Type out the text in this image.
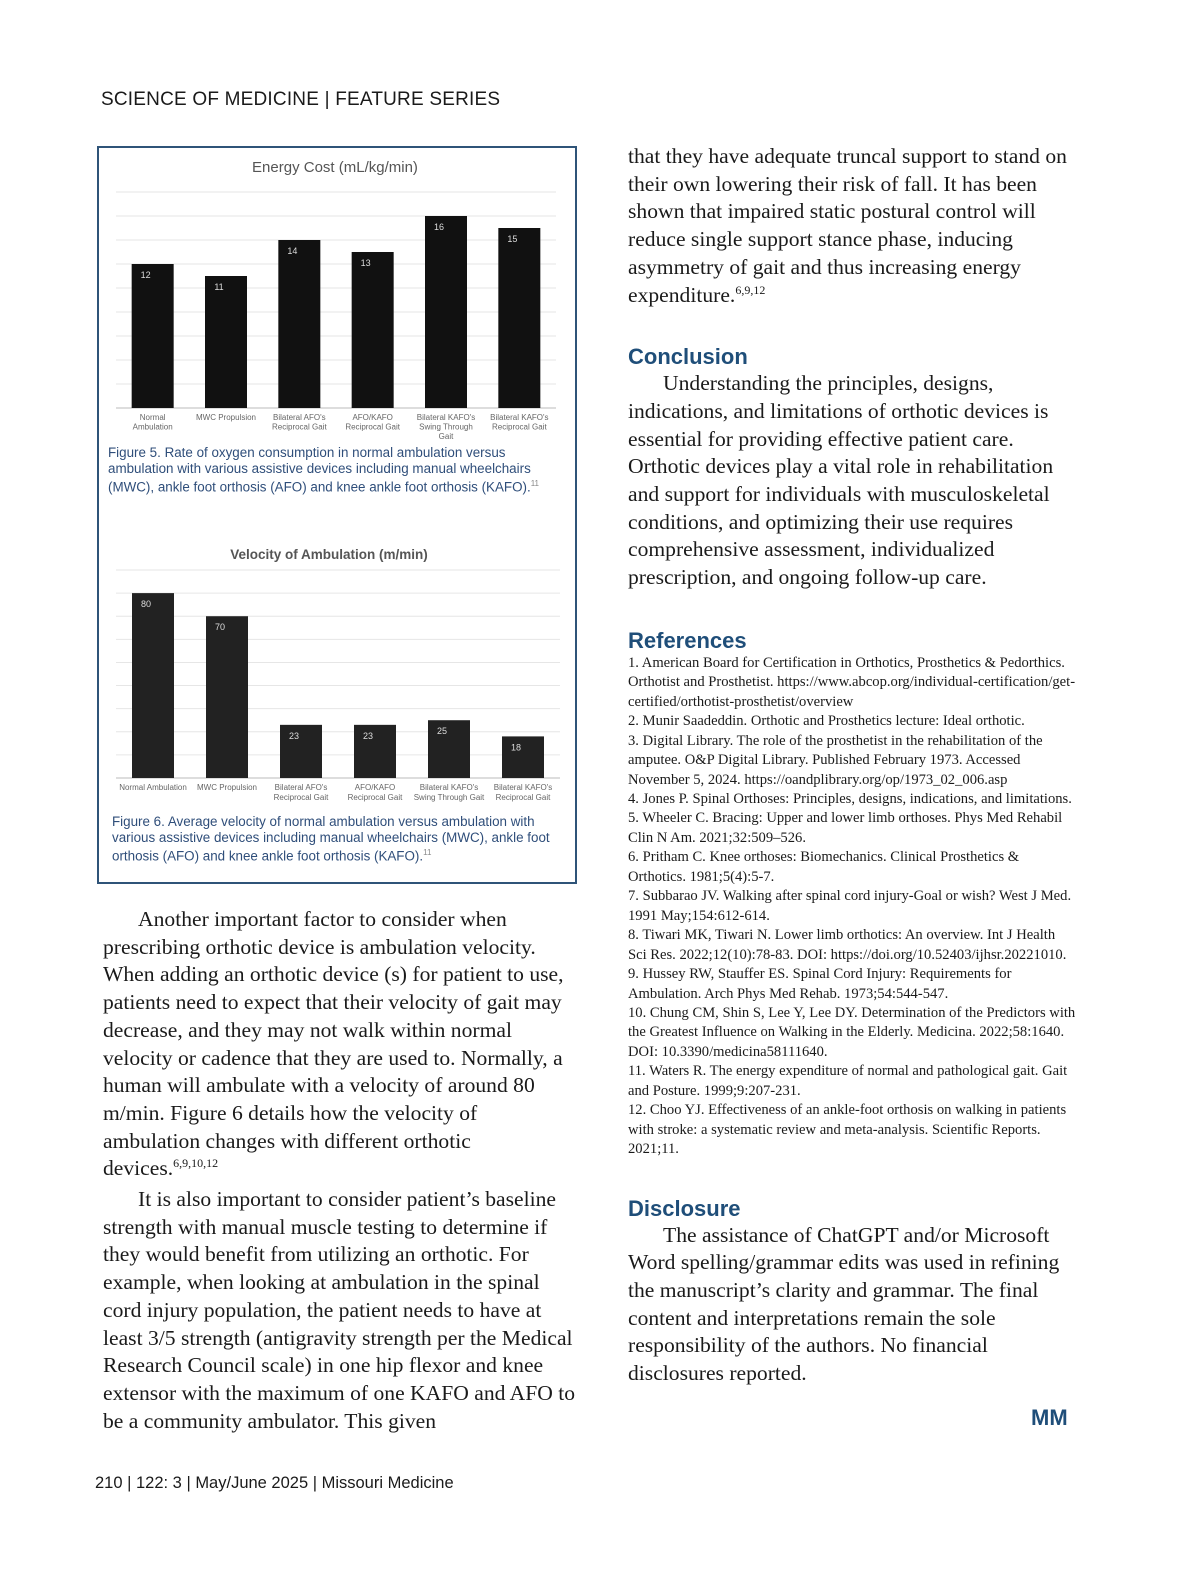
SCIENCE OF MEDICINE | FEATURE SERIES
Energy Cost (mL/kg/min)
12
Normal Ambulation
11
MWC Propulsion
14
Bilateral AFO's Reciprocal Gait
13
AFO/KAFO Reciprocal Gait
16
Bilateral KAFO's Swing Through Gait
15
Bilateral KAFO's Reciprocal Gait
Figure 5. Rate of oxygen consumption in normal ambulation versus ambulation with various assistive devices including manual wheelchairs (MWC), ankle foot orthosis (AFO) and knee ankle foot orthosis (KAFO).$^{11}$
Velocity of Ambulation (m/min)
80
Normal Ambulation
70
MWC Propulsion
23
Bilateral AFO's Reciprocal Gait
23
AFO/KAFO Reciprocal Gait
25
Bilateral KAFO's Swing Through Gait
18
Bilateral KAFO's Reciprocal Gait
Figure 6. Average velocity of normal ambulation versus ambulation with various assistive devices including manual wheelchairs (MWC), ankle foot orthosis (AFO) and knee ankle foot orthosis (KAFO).$^{11}$

Another important factor to consider when prescribing orthotic device is ambulation velocity. When adding an orthotic device (s) for patient to use, patients need to expect that their velocity of gait may decrease, and they may not walk within normal velocity or cadence that they are used to. Normally, a human will ambulate with a velocity of around 80 m/min. Figure 6 details how the velocity of ambulation changes with different orthotic devices.$^{6,9,10,12}$

It is also important to consider patient’s baseline strength with manual muscle testing to determine if they would benefit from utilizing an orthotic. For example, when looking at ambulation in the spinal cord injury population, the patient needs to have at least 3/5 strength (antigravity strength per the Medical Research Council scale) in one hip flexor and knee extensor with the maximum of one KAFO and AFO to be a community ambulator. This given

that they have adequate truncal support to stand on their own lowering their risk of fall. It has been shown that impaired static postural control will reduce single support stance phase, inducing asymmetry of gait and thus increasing energy expenditure.$^{6,9,12}$

Conclusion

Understanding the principles, designs, indications, and limitations of orthotic devices is essential for providing effective patient care. Orthotic devices play a vital role in rehabilitation and support for individuals with musculoskeletal conditions, and optimizing their use requires comprehensive assessment, individualized prescription, and ongoing follow-up care.

References

1. American Board for Certification in Orthotics, Prosthetics & Pedorthics. Orthotist and Prosthetist. https://www.abcop.org/individual-certification/get-certified/orthotist-prosthetist/overview

2. Munir Saadeddin. Orthotic and Prosthetics lecture: Ideal orthotic.

3. Digital Library. The role of the prosthetist in the rehabilitation of the amputee. O&P Digital Library. Published February 1973. Accessed November 5, 2024. https://oandplibrary.org/op/1973_02_006.asp

4. Jones P. Spinal Orthoses: Principles, designs, indications, and limitations.

5. Wheeler C. Bracing: Upper and lower limb orthoses. Phys Med Rehabil Clin N Am. 2021;32:509–526.

6. Pritham C. Knee orthoses: Biomechanics. Clinical Prosthetics & Orthotics. 1981;5(4):5-7.

7. Subbarao JV. Walking after spinal cord injury-Goal or wish? West J Med. 1991 May;154:612-614.

8. Tiwari MK, Tiwari N. Lower limb orthotics: An overview. Int J Health Sci Res. 2022;12(10):78-83. DOI: https://doi.org/10.52403/ijhsr.20221010.

9. Hussey RW, Stauffer ES. Spinal Cord Injury: Requirements for Ambulation. Arch Phys Med Rehab. 1973;54:544-547.

10. Chung CM, Shin S, Lee Y, Lee DY. Determination of the Predictors with the Greatest Influence on Walking in the Elderly. Medicina. 2022;58:1640. DOI: 10.3390/medicina58111640.

11. Waters R. The energy expenditure of normal and pathological gait. Gait and Posture. 1999;9:207-231.

12. Choo YJ. Effectiveness of an ankle-foot orthosis on walking in patients with stroke: a systematic review and meta-analysis. Scientific Reports. 2021;11.

Disclosure

The assistance of ChatGPT and/or Microsoft Word spelling/grammar edits was used in refining the manuscript’s clarity and grammar. The final content and interpretations remain the sole responsibility of the authors. No financial disclosures reported.

MM
210 | 122: 3 | May/June 2025 | Missouri Medicine
